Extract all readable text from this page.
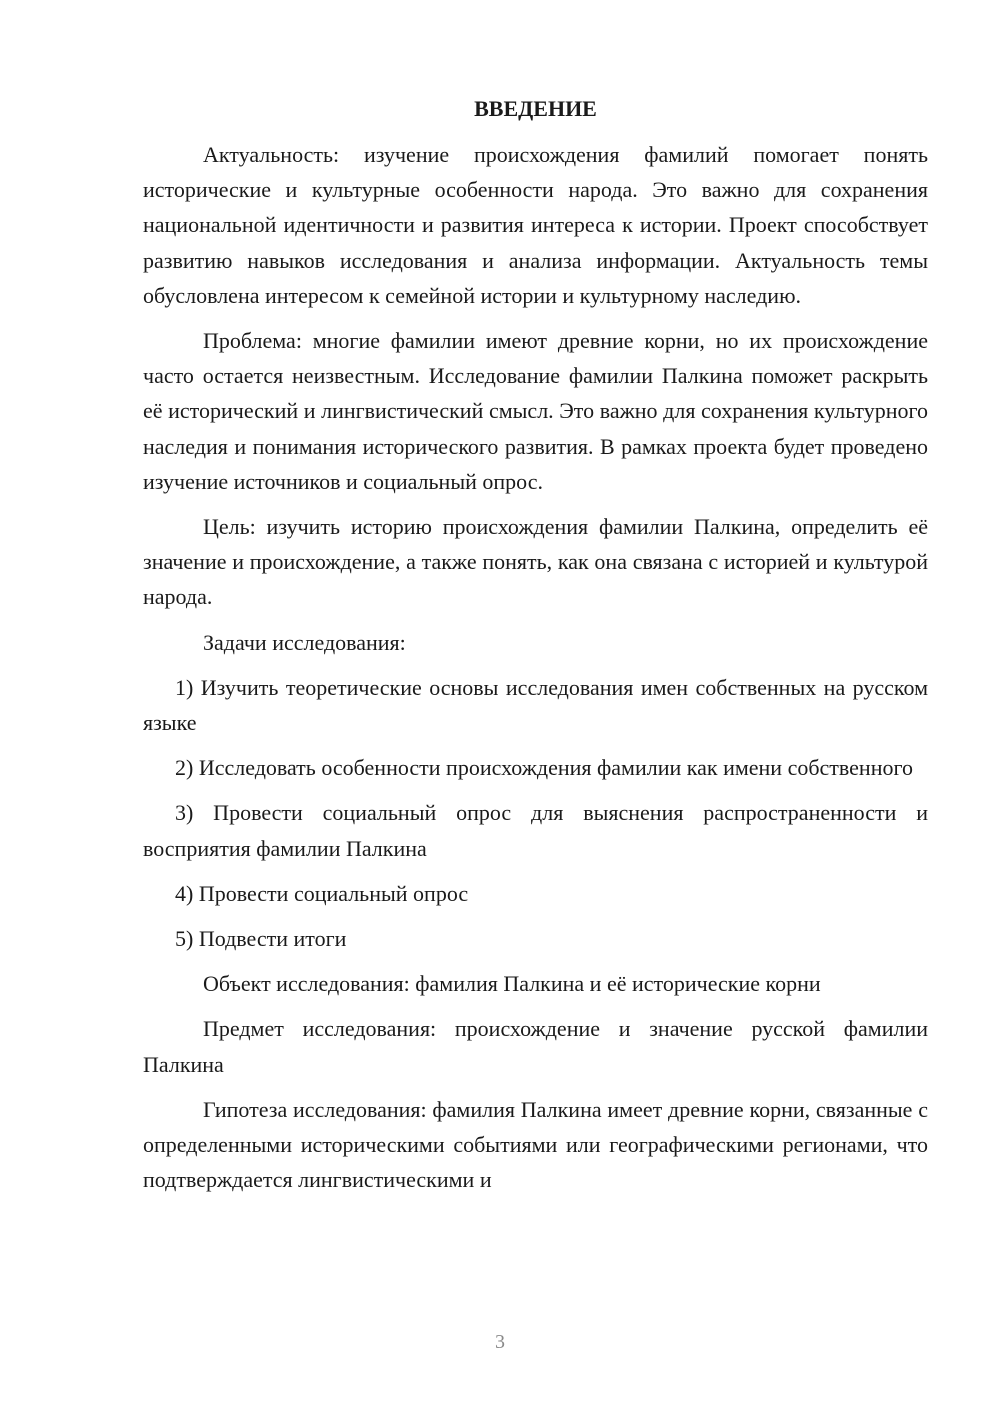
ВВЕДЕНИЕ

Актуальность: изучение происхождения фамилий помогает понять исторические и культурные особенности народа. Это важно для сохранения национальной идентичности и развития интереса к истории. Проект способствует развитию навыков исследования и анализа информации. Актуальность темы обусловлена интересом к семейной истории и культурному наследию.

Проблема: многие фамилии имеют древние корни, но их происхождение часто остается неизвестным. Исследование фамилии Палкина поможет раскрыть её исторический и лингвистический смысл. Это важно для сохранения культурного наследия и понимания исторического развития. В рамках проекта будет проведено изучение источников и социальный опрос.

Цель: изучить историю происхождения фамилии Палкина, определить её значение и происхождение, а также понять, как она связана с историей и культурой народа.

Задачи исследования:

1) Изучить теоретические основы исследования имен собственных на русском языке

2) Исследовать особенности происхождения фамилии как имени собственного

3) Провести социальный опрос для выяснения распространенности и восприятия фамилии Палкина

4) Провести социальный опрос

5) Подвести итоги

Объект исследования: фамилия Палкина и её исторические корни

Предмет исследования: происхождение и значение русской фамилии Палкина

Гипотеза исследования: фамилия Палкина имеет древние корни, связанные с определенными историческими событиями или географическими регионами, что подтверждается лингвистическими и

3
